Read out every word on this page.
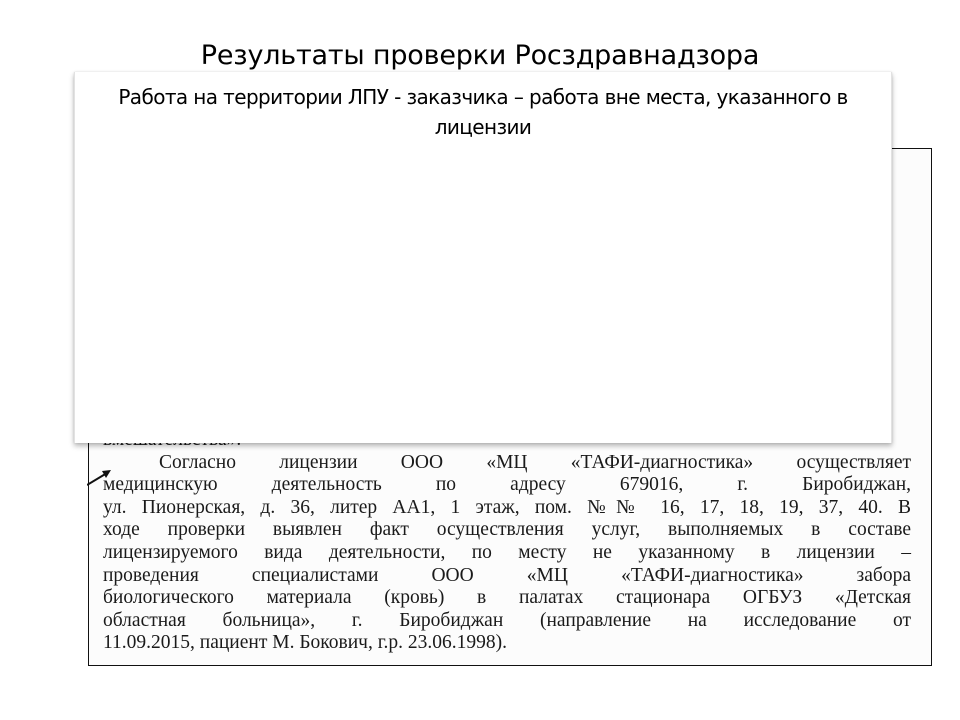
Результаты проверки Росздравнадзора
Согласно лицензии ООО «МЦ «ТАФИ-диагностика» осуществляет
медицинскую деятельность по адресу 679016, г. Биробиджан,
ул. Пионерская, д. 36, литер АА1, 1 этаж, пом. №№ 16, 17, 18, 19, 37, 40. В
ходе проверки выявлен факт осуществления услуг, выполняемых в составе
лицензируемого вида деятельности, по месту не указанному в лицензии –
проведения специалистами ООО «МЦ «ТАФИ-диагностика» забора
биологического материала (кровь) в палатах стационара ОГБУЗ «Детская
областная больница», г. Биробиджан (направление на исследование от
11.09.2015, пациент М. Бокович, г.р. 23.06.1998).
Работа на территории ЛПУ - заказчика – работа вне места, указанного в лицензии
